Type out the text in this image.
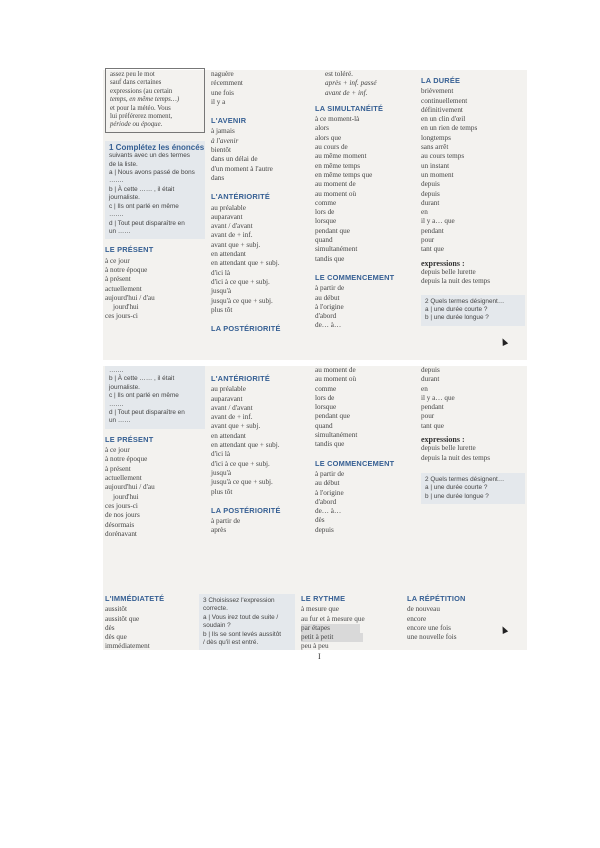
assez peu le mot
sauf dans certaines
expressions (au certain
temps, en même temps…)
et pour la météo. Vous
lui préférerez moment,
période ou époque.
1 Complétez les énoncés
suivants avec un des termes
de la liste.
a | Nous avons passé de bons
…….
b | À cette …… , il était
journaliste.
c | Ils ont parlé en même
…….
d | Tout peut disparaître en
un ……
LE PRÉSENT
à ce jour
à notre époque
à présent
actuellement
aujourd'hui / d'au
jourd'hui
ces jours-ci
naguère
récemment
une fois
il y a
L'AVENIR
à jamais
à l'avenir
bientôt
dans un délai de
d'un moment à l'autre
dans
L'ANTÉRIORITÉ
au préalable
auparavant
avant / d'avant
avant de + inf.
avant que + subj.
en attendant
en attendant que + subj.
d'ici là
d'ici à ce que + subj.
jusqu'à
jusqu'à ce que + subj.
plus tôt
LA POSTÉRIORITÉ
est toléré.
après + inf. passé
avant de + inf.
LA SIMULTANÉITÉ
à ce moment-là
alors
alors que
au cours de
au même moment
en même temps
en même temps que
au moment de
au moment où
comme
lors de
lorsque
pendant que
quand
simultanément
tandis que
LE COMMENCEMENT
à partir de
au début
à l'origine
d'abord
de… à…
LA DURÉE
brièvement
continuellement
définitivement
en un clin d'œil
en un rien de temps
longtemps
sans arrêt
au cours temps
un instant
un moment
depuis
depuis
durant
en
il y a… que
pendant
pour
tant que
expressions :
depuis belle lurette
depuis la nuit des temps
2 Quels termes désignent…
a | une durée courte ?
b | une durée longue ?
…….
b | À cette …… , il était
journaliste.
c | Ils ont parlé en même
…….
d | Tout peut disparaître en
un ……
LE PRÉSENT
à ce jour
à notre époque
à présent
actuellement
aujourd'hui / d'au
jourd'hui
ces jours-ci
de nos jours
désormais
dorénavant
L'ANTÉRIORITÉ
au préalable
auparavant
avant / d'avant
avant de + inf.
avant que + subj.
en attendant
en attendant que + subj.
d'ici là
d'ici à ce que + subj.
jusqu'à
jusqu'à ce que + subj.
plus tôt
LA POSTÉRIORITÉ
à partir de
après
au moment de
au moment où
comme
lors de
lorsque
pendant que
quand
simultanément
tandis que
LE COMMENCEMENT
à partir de
au début
à l'origine
d'abord
de… à…
dès
depuis
depuis
durant
en
il y a… que
pendant
pour
tant que
expressions :
depuis belle lurette
depuis la nuit des temps
2 Quels termes désignent…
a | une durée courte ?
b | une durée longue ?
I
L'IMMÉDIATETÉ
aussitôt
aussitôt que
dès
dès que
immédiatement
3 Choisissez l'expression
correcte.
a | Vous irez tout de suite /
soudain ?
b | Ils se sont levés aussitôt
/ dès qu'il est entré.
LE RYTHME
à mesure que
au fur et à mesure que
par étapes petit à petit
peu à peu
LA RÉPÉTITION
de nouveau
encore
encore une fois
une nouvelle fois
